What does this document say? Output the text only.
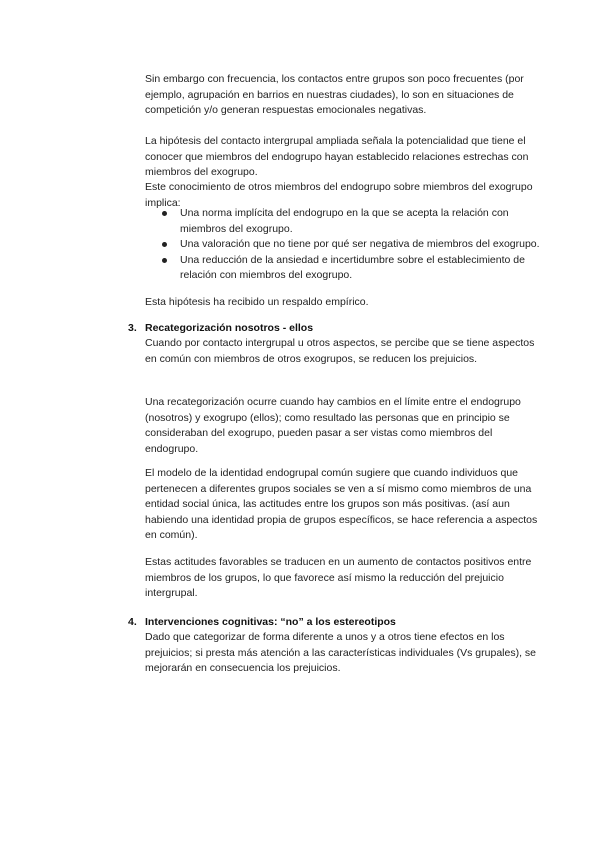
Sin embargo con frecuencia, los contactos entre grupos son poco frecuentes (por ejemplo, agrupación en barrios en nuestras ciudades), lo son en situaciones de competición y/o generan respuestas emocionales negativas.

La hipótesis del contacto intergrupal ampliada señala la potencialidad que tiene el conocer que miembros del endogrupo hayan establecido relaciones estrechas con miembros del exogrupo.

Este conocimiento de otros miembros del endogrupo sobre miembros del exogrupo implica:

Una norma implícita del endogrupo en la que se acepta la relación con miembros del exogrupo.
Una valoración que no tiene por qué ser negativa de miembros del exogrupo.
Una reducción de la ansiedad e incertidumbre sobre el establecimiento de relación con miembros del exogrupo.

Esta hipótesis ha recibido un respaldo empírico.

3. Recategorización nosotros - ellos

Cuando por contacto intergrupal u otros aspectos, se percibe que se tiene aspectos en común con miembros de otros exogrupos, se reducen los prejuicios.

Una recategorización ocurre cuando hay cambios en el límite entre el endogrupo (nosotros) y exogrupo (ellos); como resultado las personas que en principio se consideraban del exogrupo, pueden pasar a ser vistas como miembros del endogrupo.

El modelo de la identidad endogrupal común sugiere que cuando individuos que pertenecen a diferentes grupos sociales se ven a sí mismo como miembros de una entidad social única, las actitudes entre los grupos son más positivas. (así aun habiendo una identidad propia de grupos específicos, se hace referencia a aspectos en común).

Estas actitudes favorables se traducen en un aumento de contactos positivos entre miembros de los grupos, lo que favorece así mismo la reducción del prejuicio intergrupal.

4. Intervenciones cognitivas: “no” a los estereotipos

Dado que categorizar de forma diferente a unos y a otros tiene efectos en los prejuicios; si presta más atención a las características individuales (Vs grupales), se mejorarán en consecuencia los prejuicios.
